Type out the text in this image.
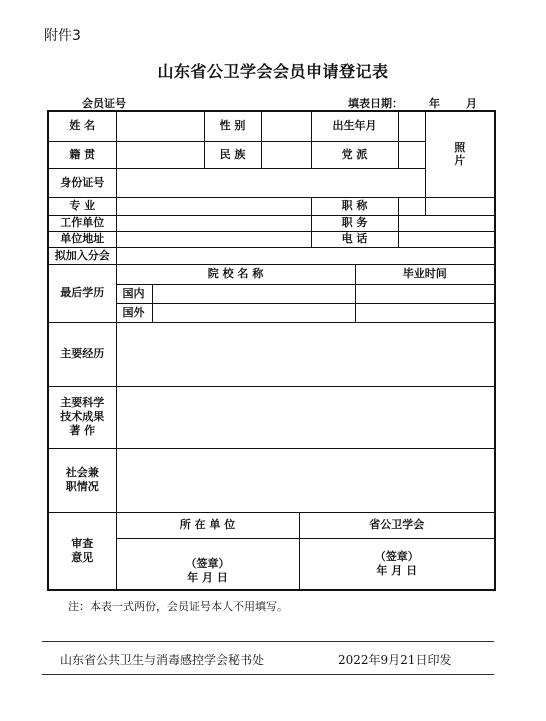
附件3
山东省公卫学会会员申请登记表
会员证号	填表日期： 年 月
姓 名			性 别			出生年月			照
片

籍 贯			民 族			党 派			
身份证号									
专 业						职 称			
工作单位						职 务			
单位地址						电 话			
拟加入分会									
最后学历	院 校 名 称						毕业时间		
	国内								
	国外								
主要经历									

主要科学
技术成果
著 作									

社会兼
职情况									

审查
意见	所 在 单 位				省公卫学会				

	（签章）
年 月 日				（签章）
年 月 日				
注：本表一式两份，会员证号本人不用填写。
山东省公共卫生与消毒感控学会秘书处	2022年9月21日印发
